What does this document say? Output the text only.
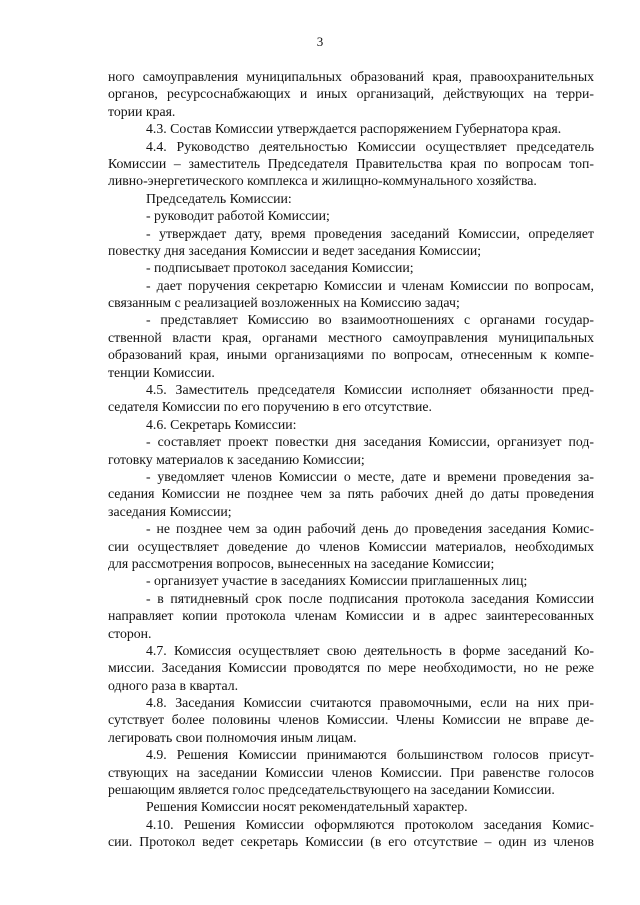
3
ного самоуправления муниципальных образований края, правоохранительных
органов, ресурсоснабжающих и иных организаций, действующих на терри-
тории края.
4.3. Состав Комиссии утверждается распоряжением Губернатора края.
4.4. Руководство деятельностью Комиссии осуществляет председатель
Комиссии – заместитель Председателя Правительства края по вопросам топ-
ливно-энергетического комплекса и жилищно-коммунального хозяйства.
Председатель Комиссии:
- руководит работой Комиссии;
- утверждает дату, время проведения заседаний Комиссии, определяет
повестку дня заседания Комиссии и ведет заседания Комиссии;
- подписывает протокол заседания Комиссии;
- дает поручения секретарю Комиссии и членам Комиссии по вопросам,
связанным с реализацией возложенных на Комиссию задач;
- представляет Комиссию во взаимоотношениях с органами государ-
ственной власти края, органами местного самоуправления муниципальных
образований края, иными организациями по вопросам, отнесенным к компе-
тенции Комиссии.
4.5. Заместитель председателя Комиссии исполняет обязанности пред-
седателя Комиссии по его поручению в его отсутствие.
4.6. Секретарь Комиссии:
- составляет проект повестки дня заседания Комиссии, организует под-
готовку материалов к заседанию Комиссии;
- уведомляет членов Комиссии о месте, дате и времени проведения за-
седания Комиссии не позднее чем за пять рабочих дней до даты проведения
заседания Комиссии;
- не позднее чем за один рабочий день до проведения заседания Комис-
сии осуществляет доведение до членов Комиссии материалов, необходимых
для рассмотрения вопросов, вынесенных на заседание Комиссии;
- организует участие в заседаниях Комиссии приглашенных лиц;
- в пятидневный срок после подписания протокола заседания Комиссии
направляет копии протокола членам Комиссии и в адрес заинтересованных
сторон.
4.7. Комиссия осуществляет свою деятельность в форме заседаний Ко-
миссии. Заседания Комиссии проводятся по мере необходимости, но не реже
одного раза в квартал.
4.8. Заседания Комиссии считаются правомочными, если на них при-
сутствует более половины членов Комиссии. Члены Комиссии не вправе де-
легировать свои полномочия иным лицам.
4.9. Решения Комиссии принимаются большинством голосов присут-
ствующих на заседании Комиссии членов Комиссии. При равенстве голосов
решающим является голос председательствующего на заседании Комиссии.
Решения Комиссии носят рекомендательный характер.
4.10. Решения Комиссии оформляются протоколом заседания Комис-
сии. Протокол ведет секретарь Комиссии (в его отсутствие – один из членов
